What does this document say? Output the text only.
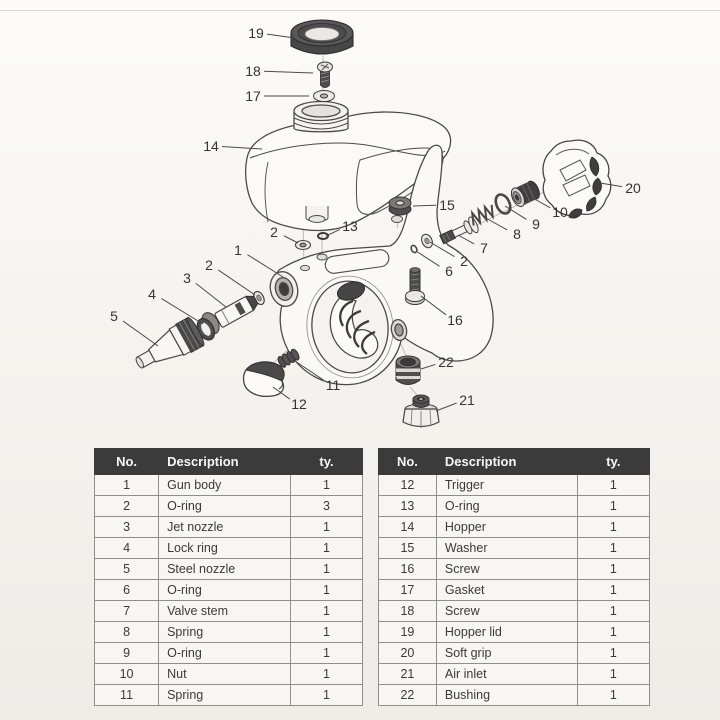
19
18
17
14
2	13
15
7
8
9
10
20
2
6
1
2
3
4
5	16
11
12
22
21
No.	Description	ty.
1	Gun body	1
2	O-ring	3
3	Jet nozzle	1
4	Lock ring	1
5	Steel nozzle	1
6	O-ring	1
7	Valve stem	1
8	Spring	1
9	O-ring	1
10	Nut	1
11	Spring	1
No.	Description	ty.
12	Trigger	1
13	O-ring	1
14	Hopper	1
15	Washer	1
16	Screw	1
17	Gasket	1
18	Screw	1
19	Hopper lid	1
20	Soft grip	1
21	Air inlet	1
22	Bushing	1
